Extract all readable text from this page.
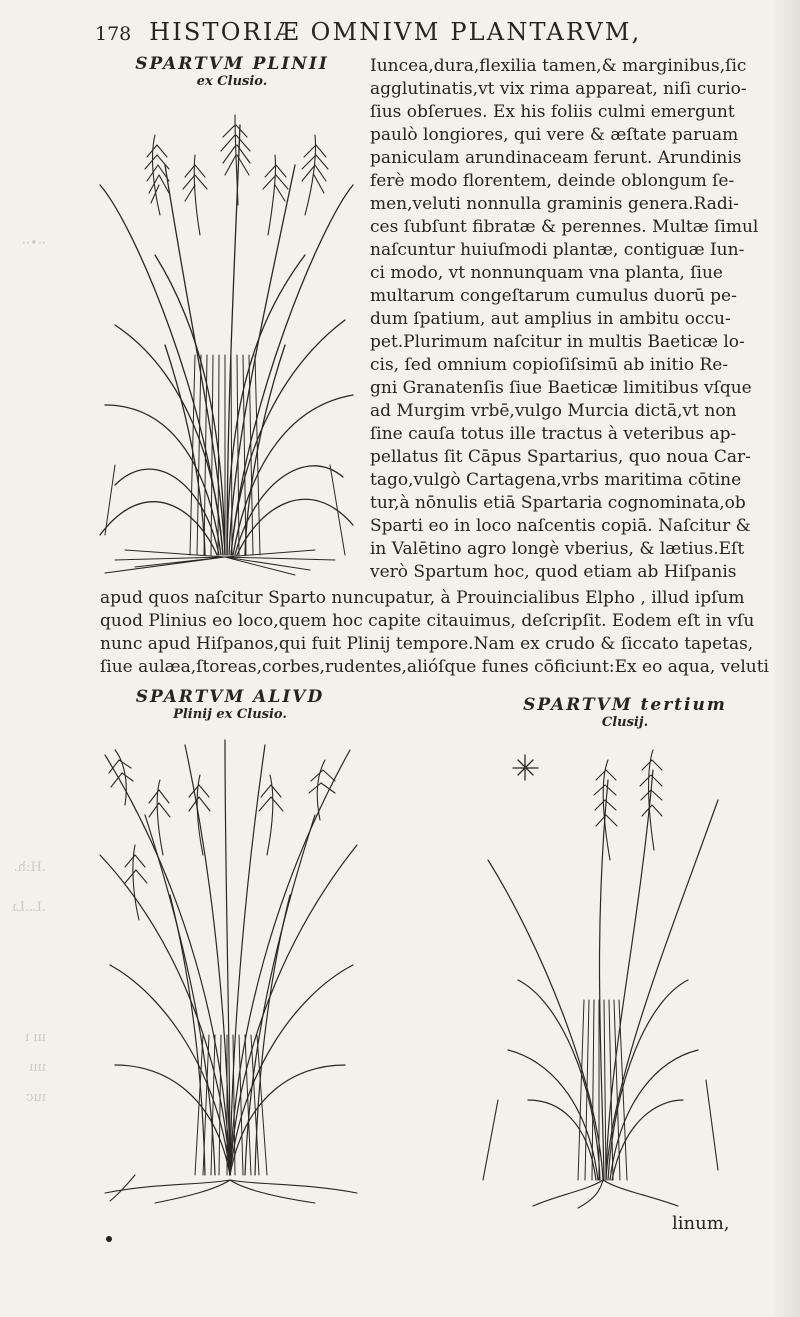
··•··
.H:h.
.L..Lı
ııı ı
ıııı
ıuc
178 HISTORIÆ OMNIVM PLANTARVM,
SPARTVM PLINII
ex Clusio.
Iuncea,dura,flexilia tamen,& marginibus,ſic
agglutinatis,vt vix rima appareat, niſi curio-
ſius obſerues. Ex his foliis culmi emergunt
paulò longiores, qui vere & æſtate paruam
paniculam arundinaceam ferunt. Arundinis
ferè modo florentem, deinde oblongum ſe-
men,veluti nonnulla graminis genera.Radi-
ces ſubſunt fibratæ & perennes. Multæ ſimul
naſcuntur huiuſmodi plantæ, contiguæ Iun-
ci modo, vt nonnunquam vna planta, ſiue
multarum congeſtarum cumulus duorū pe-
dum ſpatium, aut amplius in ambitu occu-
pet.Plurimum naſcitur in multis Baeticæ lo-
cis, ſed omnium copioſiſsimū ab initio Re-
gni Granatenſis ſiue Baeticæ limitibus vſque
ad Murgim vrbē,vulgo Murcia dictā,vt non
ſine cauſa totus ille tractus à veteribus ap-
pellatus ſit Cāpus Spartarius, quo noua Car-
tago,vulgò Cartagena,vrbs maritima cōtine
tur,à nōnulis etiā Spartaria cognominata,ob
Sparti eo in loco naſcentis copiā. Naſcitur &
in Valētino agro longè vberius, & lætius.Eſt
verò Spartum hoc, quod etiam ab Hiſpanis
apud quos naſcitur Sparto nuncupatur, à Prouincialibus Elpho , illud ipſum
quod Plinius eo loco,quem hoc capite citauimus, deſcripſit. Eodem eſt in vſu
nunc apud Hiſpanos,qui fuit Plinij tempore.Nam ex crudo & ſiccato tapetas,
ſiue aulæa,ſtoreas,corbes,rudentes,alióſque funes cōficiunt:Ex eo aqua, veluti
SPARTVM ALIVD
Plinij ex Clusio.	SPARTVM tertium
Clusij.
linum,
